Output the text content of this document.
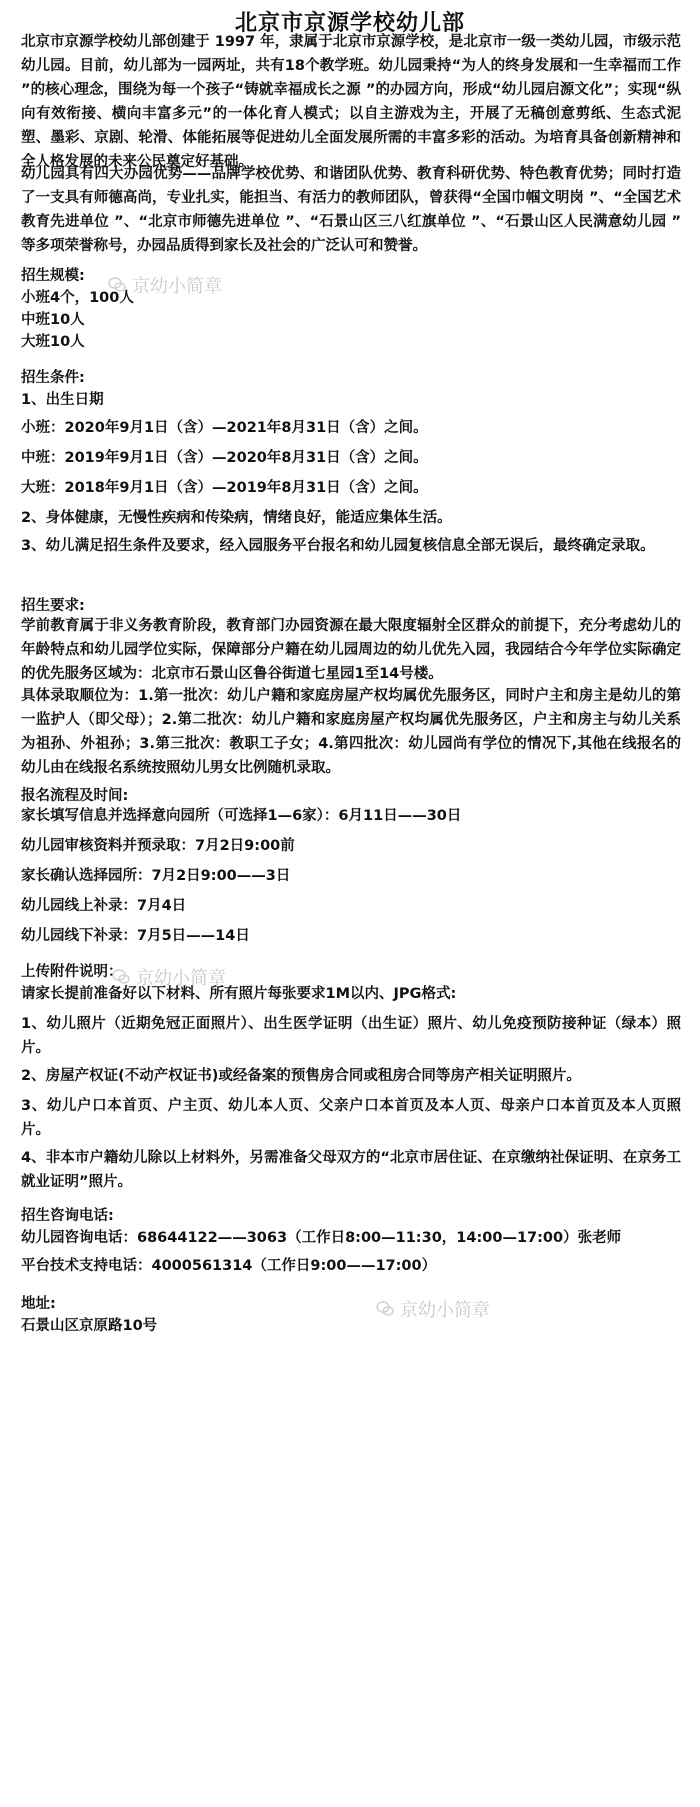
北京市京源学校幼儿部

北京市京源学校幼儿部创建于 1997 年，隶属于北京市京源学校，是北京市一级一类幼儿园，市级示范幼儿园。目前，幼儿部为一园两址，共有18个教学班。幼儿园秉持“为人的终身发展和一生幸福而工作 ”的核心理念，围绕为每一个孩子“铸就幸福成长之源 ”的办园方向，形成“幼儿园启源文化”；实现“纵向有效衔接、横向丰富多元”的一体化育人模式；以自主游戏为主，开展了无稿创意剪纸、生态式泥塑、墨彩、京剧、轮滑、体能拓展等促进幼儿全面发展所需的丰富多彩的活动。为培育具备创新精神和全人格发展的未来公民奠定好基础。

幼儿园具有四大办园优势——品牌学校优势、和谐团队优势、教育科研优势、特色教育优势；同时打造了一支具有师德高尚，专业扎实，能担当、有活力的教师团队，曾获得“全国巾帼文明岗 ”、“全国艺术教育先进单位 ”、“北京市师德先进单位 ”、“石景山区三八红旗单位 ”、“石景山区人民满意幼儿园 ” 等多项荣誉称号，办园品质得到家长及社会的广泛认可和赞誉。

招生规模:

小班4个，100人

中班10人

大班10人

招生条件:

1、出生日期

小班：2020年9月1日（含）—2021年8月31日（含）之间。

中班：2019年9月1日（含）—2020年8月31日（含）之间。

大班：2018年9月1日（含）—2019年8月31日（含）之间。

2、身体健康，无慢性疾病和传染病，情绪良好，能适应集体生活。

3、幼儿满足招生条件及要求，经入园服务平台报名和幼儿园复核信息全部无误后，最终确定录取。

招生要求:

学前教育属于非义务教育阶段，教育部门办园资源在最大限度辐射全区群众的前提下，充分考虑幼儿的年龄特点和幼儿园学位实际，保障部分户籍在幼儿园周边的幼儿优先入园，我园结合今年学位实际确定的优先服务区域为：北京市石景山区鲁谷街道七星园1至14号楼。

具体录取顺位为：1.第一批次：幼儿户籍和家庭房屋产权均属优先服务区，同时户主和房主是幼儿的第一监护人（即父母）；2.第二批次：幼儿户籍和家庭房屋产权均属优先服务区，户主和房主与幼儿关系为祖孙、外祖孙；3.第三批次：教职工子女；4.第四批次：幼儿园尚有学位的情况下,其他在线报名的幼儿由在线报名系统按照幼儿男女比例随机录取。

报名流程及时间:

家长填写信息并选择意向园所（可选择1—6家）：6月11日——30日

幼儿园审核资料并预录取：7月2日9:00前

家长确认选择园所：7月2日9:00——3日

幼儿园线上补录：7月4日

幼儿园线下补录：7月5日——14日

上传附件说明：

请家长提前准备好以下材料、所有照片每张要求1M以内、JPG格式:

1、幼儿照片（近期免冠正面照片）、出生医学证明（出生证）照片、幼儿免疫预防接种证（绿本）照片。

2、房屋产权证(不动产权证书)或经备案的预售房合同或租房合同等房产相关证明照片。

3、幼儿户口本首页、户主页、幼儿本人页、父亲户口本首页及本人页、母亲户口本首页及本人页照片。

4、非本市户籍幼儿除以上材料外，另需准备父母双方的“北京市居住证、在京缴纳社保证明、在京务工就业证明”照片。

招生咨询电话:

幼儿园咨询电话：68644122——3063（工作日8:00—11:30，14:00—17:00）张老师

平台技术支持电话：4000561314（工作日9:00——17:00）

地址:

石景山区京原路10号

京幼小简章
京幼小简章
京幼小简章
